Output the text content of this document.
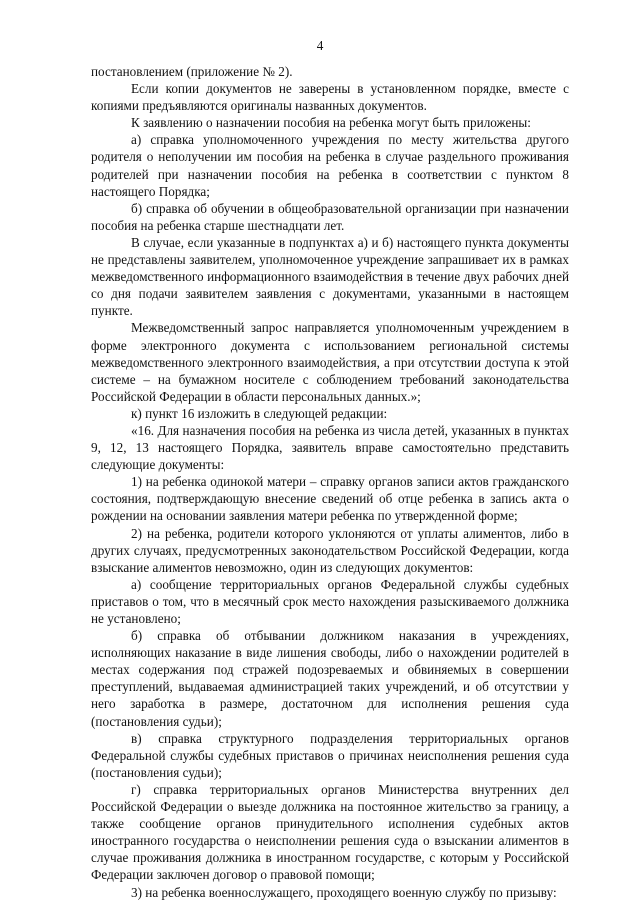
4

постановлением (приложение № 2).

Если копии документов не заверены в установленном порядке, вместе с копиями предъявляются оригиналы названных документов.

К заявлению о назначении пособия на ребенка могут быть приложены:

а) справка уполномоченного учреждения по месту жительства другого родителя о неполучении им пособия на ребенка в случае раздельного проживания родителей при назначении пособия на ребенка в соответствии с пунктом 8 настоящего Порядка;

б) справка об обучении в общеобразовательной организации при назначении пособия на ребенка старше шестнадцати лет.

В случае, если указанные в подпунктах а) и б) настоящего пункта документы не представлены заявителем, уполномоченное учреждение запрашивает их в рамках межведомственного информационного взаимодействия в течение двух рабочих дней со дня подачи заявителем заявления с документами, указанными в настоящем пункте.

Межведомственный запрос направляется уполномоченным учреждением в форме электронного документа с использованием региональной системы межведомственного электронного взаимодействия, а при отсутствии доступа к этой системе – на бумажном носителе с соблюдением требований законодательства Российской Федерации в области персональных данных.»;

к) пункт 16 изложить в следующей редакции:

«16. Для назначения пособия на ребенка из числа детей, указанных в пунктах 9, 12, 13 настоящего Порядка, заявитель вправе самостоятельно представить следующие документы:

1) на ребенка одинокой матери – справку органов записи актов гражданского состояния, подтверждающую внесение сведений об отце ребенка в запись акта о рождении на основании заявления матери ребенка по утвержденной форме;

2) на ребенка, родители которого уклоняются от уплаты алиментов, либо в других случаях, предусмотренных законодательством Российской Федерации, когда взыскание алиментов невозможно, один из следующих документов:

а) сообщение территориальных органов Федеральной службы судебных приставов о том, что в месячный срок место нахождения разыскиваемого должника не установлено;

б) справка об отбывании должником наказания в учреждениях, исполняющих наказание в виде лишения свободы, либо о нахождении родителей в местах содержания под стражей подозреваемых и обвиняемых в совершении преступлений, выдаваемая администрацией таких учреждений, и об отсутствии у него заработка в размере, достаточном для исполнения решения суда (постановления судьи);

в) справка структурного подразделения территориальных органов Федеральной службы судебных приставов о причинах неисполнения решения суда (постановления судьи);

г) справка территориальных органов Министерства внутренних дел Российской Федерации о выезде должника на постоянное жительство за границу, а также сообщение органов принудительного исполнения судебных актов иностранного государства о неисполнении решения суда о взыскании алиментов в случае проживания должника в иностранном государстве, с которым у Российской Федерации заключен договор о правовой помощи;

3) на ребенка военнослужащего, проходящего военную службу по призыву:
